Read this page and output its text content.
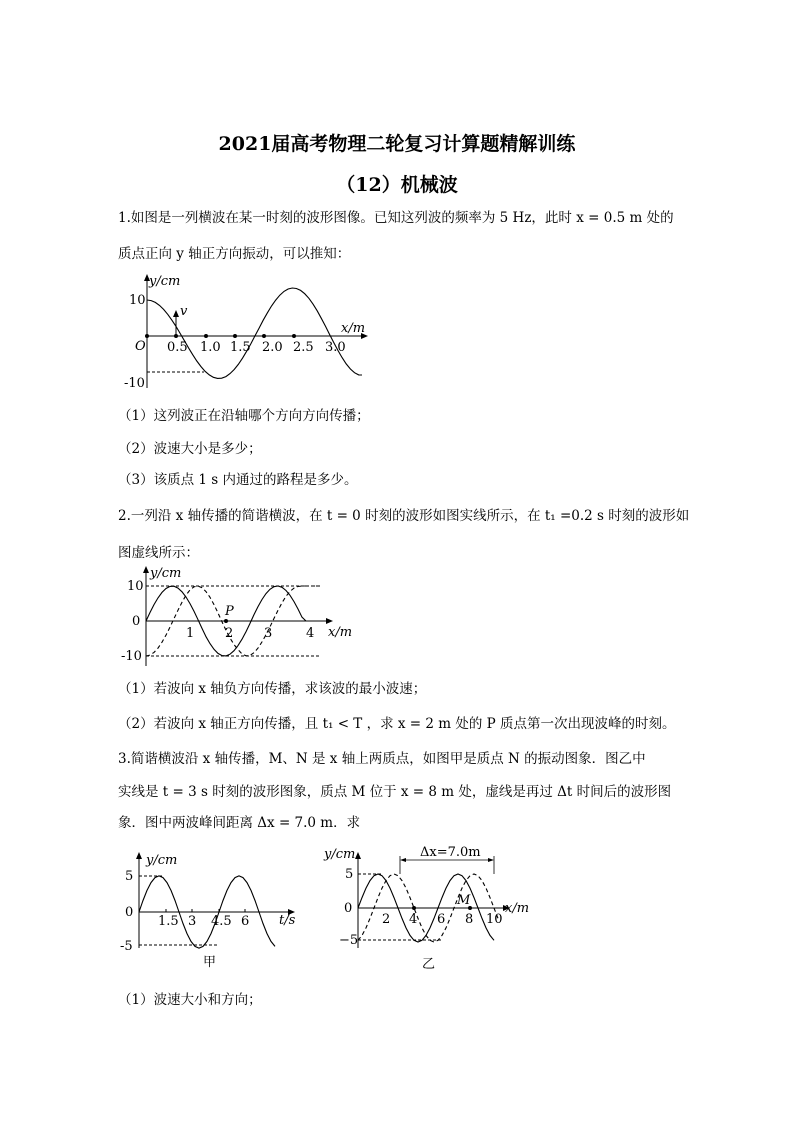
2021届高考物理二轮复习计算题精解训练
（12）机械波
1.如图是一列横波在某一时刻的波形图像。已知这列波的频率为 5 Hz，此时 x = 0.5 m 处的
质点正向 y 轴正方向振动，可以推知：
v
y/cm
x/m
O
10
-10
0.5 1.0 1.5 2.0 2.5 3.0
（1）这列波正在沿轴哪个方向方向传播；
（2）波速大小是多少；
（3）该质点 1 s 内通过的路程是多少。
2.一列沿 x 轴传播的简谐横波，在 t = 0 时刻的波形如图实线所示，在 t₁ =0.2 s 时刻的波形如
图虚线所示：
P
y/cm
x/m
10
0
-10
1 2 3	4
（1）若波向 x 轴负方向传播，求该波的最小波速；
（2）若波向 x 轴正方向传播，且 t₁ < T ，求 x = 2 m 处的 P 质点第一次出现波峰的时刻。
3.简谐横波沿 x 轴传播，M、N 是 x 轴上两质点，如图甲是质点 N 的振动图象．图乙中
实线是 t = 3 s 时刻的波形图象，质点 M 位于 x = 8 m 处，虚线是再过 Δt 时间后的波形图
象．图中两波峰间距离 Δx = 7.0 m．求
y/cm
t/s
5
0
-5
1.5 3 4.5 6
甲
Δx=7.0m
M
y/cm
x/m
5
0
−5
2 4 6 8 10
乙
（1）波速大小和方向；
